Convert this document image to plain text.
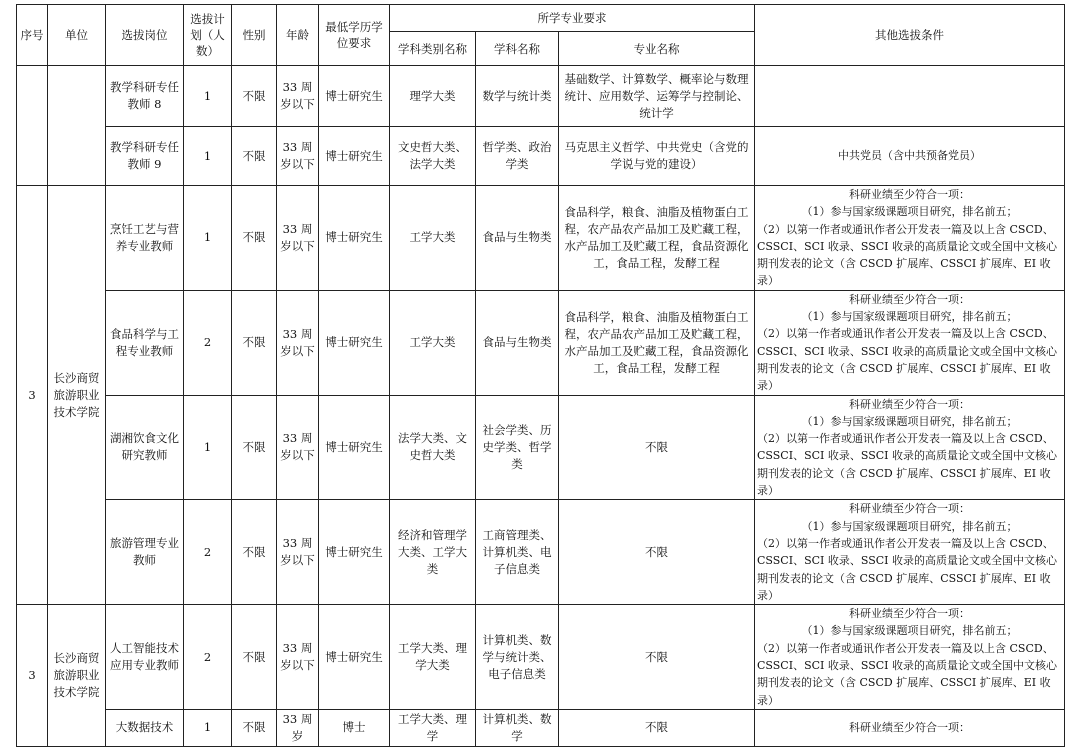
序号	单位	选拔岗位	选拔计划（人数）	性别	年龄	最低学历学位要求	所学专业要求			其他选拔条件
							学科类别名称	学科名称	专业名称	
		教学科研专任教师 8	1	不限	33 周岁以下	博士研究生	理学大类	数学与统计类	基础数学、计算数学、概率论与数理统计、应用数学、运筹学与控制论、统计学	

		教学科研专任教师 9	1	不限	33 周岁以下	博士研究生	文史哲大类、法学大类	哲学类、政治学类	马克思主义哲学、中共党史（含党的学说与党的建设）	中共党员（含中共预备党员）

3	长沙商贸旅游职业技术学院	烹饪工艺与营养专业教师	1	不限	33 周岁以下	博士研究生	工学大类	食品与生物类	食品科学，粮食、油脂及植物蛋白工程，农产品农产品加工及贮藏工程，水产品加工及贮藏工程，食品资源化工，食品工程，发酵工程	科研业绩至少符合一项：
（1）参与国家级课题项目研究，排名前五；
（2）以第一作者或通讯作者公开发表一篇及以上含 CSCD、CSSCI、SCI 收录、SSCI 收录的高质量论文或全国中文核心期刊发表的论文（含 CSCD 扩展库、CSSCI 扩展库、EI 收录）

		食品科学与工程专业教师	2	不限	33 周岁以下	博士研究生	工学大类	食品与生物类	食品科学，粮食、油脂及植物蛋白工程，农产品农产品加工及贮藏工程，水产品加工及贮藏工程，食品资源化工，食品工程，发酵工程	科研业绩至少符合一项：
（1）参与国家级课题项目研究，排名前五；
（2）以第一作者或通讯作者公开发表一篇及以上含 CSCD、CSSCI、SCI 收录、SSCI 收录的高质量论文或全国中文核心期刊发表的论文（含 CSCD 扩展库、CSSCI 扩展库、EI 收录）

		湖湘饮食文化研究教师	1	不限	33 周岁以下	博士研究生	法学大类、文史哲大类	社会学类、历史学类、哲学类	不限	科研业绩至少符合一项：
（1）参与国家级课题项目研究，排名前五；
（2）以第一作者或通讯作者公开发表一篇及以上含 CSCD、CSSCI、SCI 收录、SSCI 收录的高质量论文或全国中文核心期刊发表的论文（含 CSCD 扩展库、CSSCI 扩展库、EI 收录）

		旅游管理专业教师	2	不限	33 周岁以下	博士研究生	经济和管理学大类、工学大类	工商管理类、计算机类、电子信息类	不限	科研业绩至少符合一项：
（1）参与国家级课题项目研究，排名前五；
（2）以第一作者或通讯作者公开发表一篇及以上含 CSCD、CSSCI、SCI 收录、SSCI 收录的高质量论文或全国中文核心期刊发表的论文（含 CSCD 扩展库、CSSCI 扩展库、EI 收录）

3	长沙商贸旅游职业技术学院	人工智能技术应用专业教师	2	不限	33 周岁以下	博士研究生	工学大类、理学大类	计算机类、数学与统计类、电子信息类	不限	科研业绩至少符合一项：
（1）参与国家级课题项目研究，排名前五；
（2）以第一作者或通讯作者公开发表一篇及以上含 CSCD、CSSCI、SCI 收录、SSCI 收录的高质量论文或全国中文核心期刊发表的论文（含 CSCD 扩展库、CSSCI 扩展库、EI 收录）

		大数据技术	1	不限	33 周岁	博士	工学大类、理学	计算机类、数学	不限	科研业绩至少符合一项：
